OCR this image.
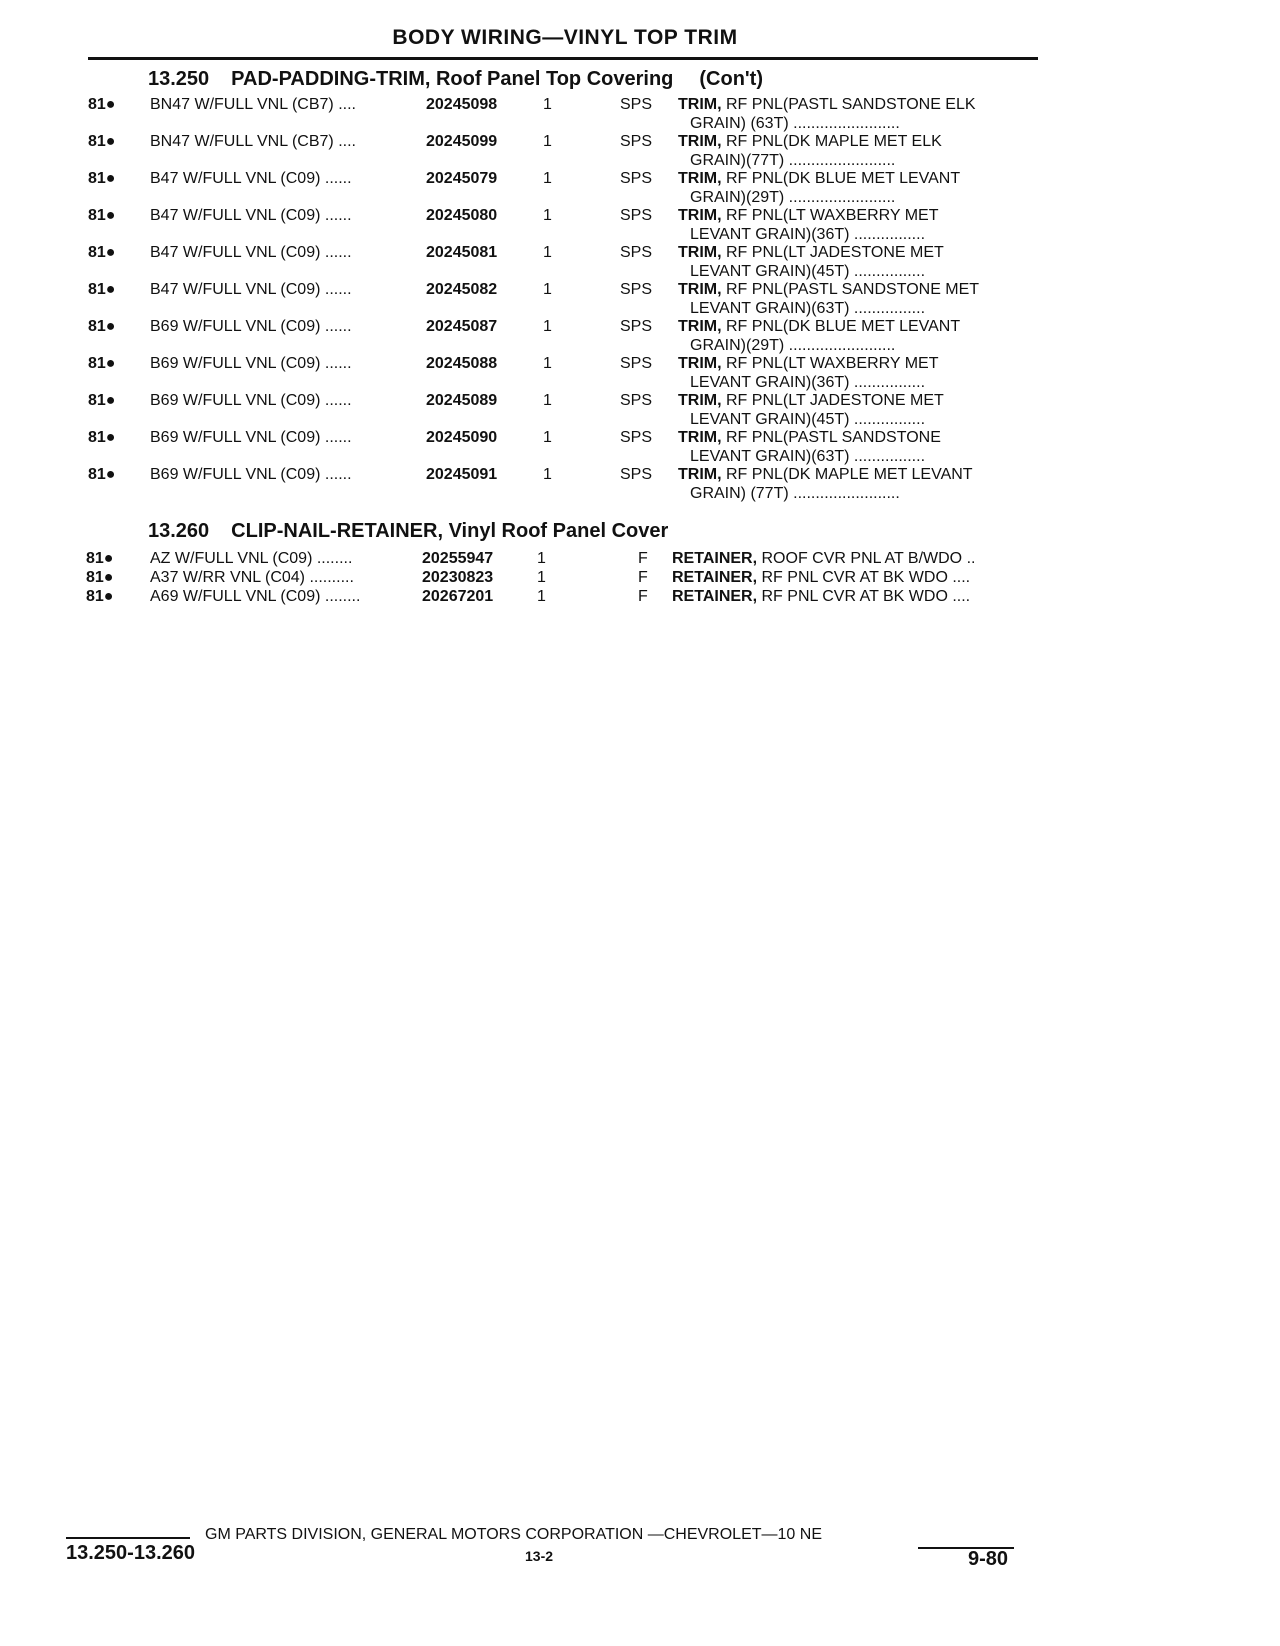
BODY WIRING—VINYL TOP TRIM
13.250 PAD-PADDING-TRIM, Roof Panel Top Covering (Con't)
81● BN47 W/FULL VNL (CB7) ....	20245098	1	SPS TRIM, RF PNL(PASTL SANDSTONE ELK
GRAIN) (63T) ........................
81● BN47 W/FULL VNL (CB7) ....	20245099	1	SPS TRIM, RF PNL(DK MAPLE MET ELK
GRAIN)(77T) ........................
81● B47 W/FULL VNL (C09) ......	20245079	1	SPS TRIM, RF PNL(DK BLUE MET LEVANT
GRAIN)(29T) ........................
81● B47 W/FULL VNL (C09) ......	20245080	1	SPS TRIM, RF PNL(LT WAXBERRY MET
LEVANT GRAIN)(36T) ................
81● B47 W/FULL VNL (C09) ......	20245081	1	SPS TRIM, RF PNL(LT JADESTONE MET
LEVANT GRAIN)(45T) ................
81● B47 W/FULL VNL (C09) ......	20245082	1	SPS TRIM, RF PNL(PASTL SANDSTONE MET
LEVANT GRAIN)(63T) ................
81● B69 W/FULL VNL (C09) ......	20245087	1	SPS TRIM, RF PNL(DK BLUE MET LEVANT
GRAIN)(29T) ........................
81● B69 W/FULL VNL (C09) ......	20245088	1	SPS TRIM, RF PNL(LT WAXBERRY MET
LEVANT GRAIN)(36T) ................
81● B69 W/FULL VNL (C09) ......	20245089	1	SPS TRIM, RF PNL(LT JADESTONE MET
LEVANT GRAIN)(45T) ................
81● B69 W/FULL VNL (C09) ......	20245090	1	SPS TRIM, RF PNL(PASTL SANDSTONE
LEVANT GRAIN)(63T) ................
81● B69 W/FULL VNL (C09) ......	20245091	1	SPS TRIM, RF PNL(DK MAPLE MET LEVANT
GRAIN) (77T) ........................
13.260 CLIP-NAIL-RETAINER, Vinyl Roof Panel Cover
81● AZ W/FULL VNL (C09) ........	20255947	1	F RETAINER, ROOF CVR PNL AT B/WDO ..
81● A37 W/RR VNL (C04) ..........	20230823	1	F RETAINER, RF PNL CVR AT BK WDO ....
81● A69 W/FULL VNL (C09) ........	20267201	1	F RETAINER, RF PNL CVR AT BK WDO ....
GM PARTS DIVISION, GENERAL MOTORS CORPORATION —CHEVROLET—10 NE
13.250-13.260	13-2	9-80
